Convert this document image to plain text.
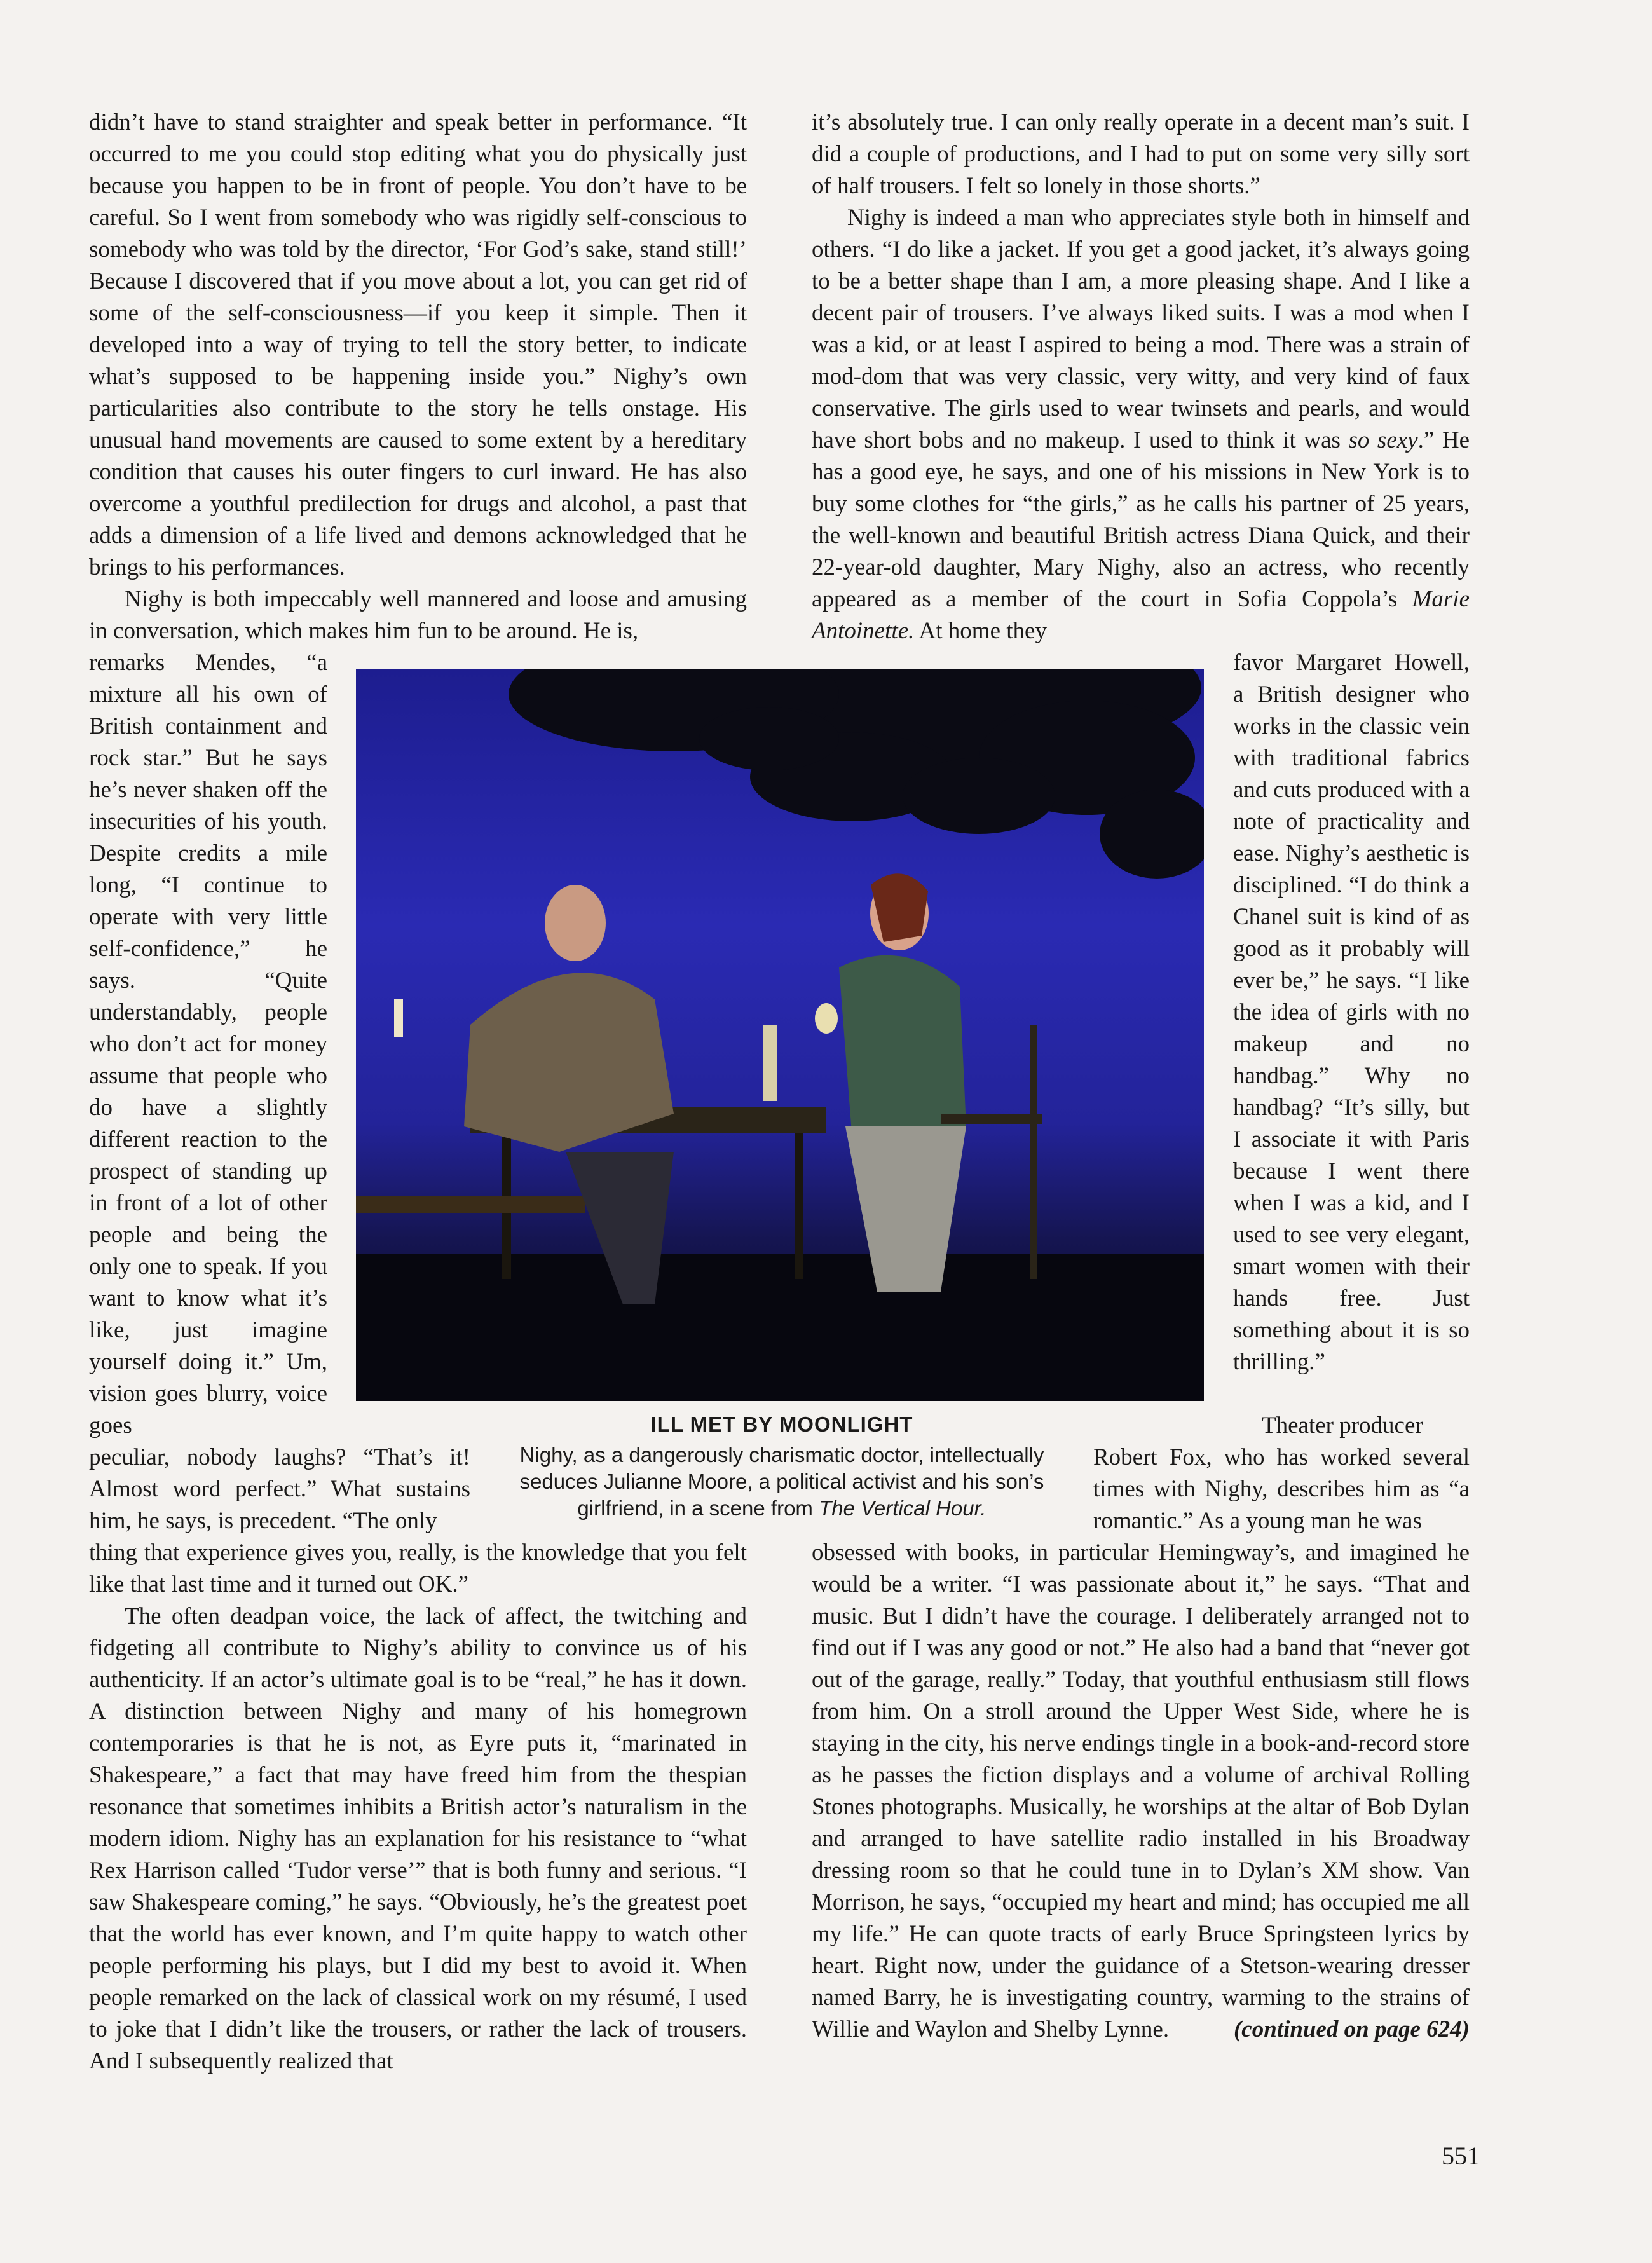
didn’t have to stand straighter and speak better in performance. “It occurred to me you could stop editing what you do physically just because you happen to be in front of people. You don’t have to be careful. So I went from somebody who was rigidly self-conscious to somebody who was told by the director, ‘For God’s sake, stand still!’ Because I discovered that if you move about a lot, you can get rid of some of the self-consciousness—if you keep it simple. Then it developed into a way of trying to tell the story better, to indicate what’s supposed to be happening inside you.” Nighy’s own particularities also contribute to the story he tells onstage. His unusual hand movements are caused to some extent by a hereditary condition that causes his outer fingers to curl inward. He has also overcome a youthful predilection for drugs and alcohol, a past that adds a dimension of a life lived and demons acknowledged that he brings to his performances.

Nighy is both impeccably well mannered and loose and amusing in conversation, which makes him fun to be around. He is,

remarks Mendes, “a mixture all his own of British containment and rock star.” But he says he’s never shaken off the insecurities of his youth. Despite credits a mile long, “I continue to operate with very little self-confidence,” he says. “Quite understandably, people who don’t act for money assume that people who do have a slightly different reaction to the prospect of standing up in front of a lot of other people and being the only one to speak. If you want to know what it’s like, just imagine yourself doing it.” Um, vision goes blurry, voice goes

peculiar, nobody laughs? “That’s it! Almost word perfect.” What sustains him, he says, is precedent. “The only

thing that experience gives you, really, is the knowledge that you felt like that last time and it turned out OK.”

The often deadpan voice, the lack of affect, the twitching and fidgeting all contribute to Nighy’s ability to convince us of his authenticity. If an actor’s ultimate goal is to be “real,” he has it down. A distinction between Nighy and many of his homegrown contemporaries is that he is not, as Eyre puts it, “marinated in Shakespeare,” a fact that may have freed him from the thespian resonance that sometimes inhibits a British actor’s naturalism in the modern idiom. Nighy has an explanation for his resistance to “what Rex Harrison called ‘Tudor verse’” that is both funny and serious. “I saw Shakespeare coming,” he says. “Obviously, he’s the greatest poet that the world has ever known, and I’m quite happy to watch other people performing his plays, but I did my best to avoid it. When people remarked on the lack of classical work on my résumé, I used to joke that I didn’t like the trousers, or rather the lack of trousers. And I subsequently realized that

it’s absolutely true. I can only really operate in a decent man’s suit. I did a couple of productions, and I had to put on some very silly sort of half trousers. I felt so lonely in those shorts.”

Nighy is indeed a man who appreciates style both in himself and others. “I do like a jacket. If you get a good jacket, it’s always going to be a better shape than I am, a more pleasing shape. And I like a decent pair of trousers. I’ve always liked suits. I was a mod when I was a kid, or at least I aspired to being a mod. There was a strain of mod-dom that was very classic, very witty, and very kind of faux conservative. The girls used to wear twinsets and pearls, and would have short bobs and no makeup. I used to think it was so sexy.” He has a good eye, he says, and one of his missions in New York is to buy some clothes for “the girls,” as he calls his partner of 25 years, the well-known and beautiful British actress Diana Quick, and their 22-year-old daughter, Mary Nighy, also an actress, who recently appeared as a member of the court in Sofia Coppola’s Marie Antoinette. At home they

favor Margaret Howell, a British designer who works in the classic vein with traditional fabrics and cuts produced with a note of practicality and ease. Nighy’s aesthetic is disciplined. “I do think a Chanel suit is kind of as good as it probably will ever be,” he says. “I like the idea of girls with no makeup and no handbag.” Why no handbag? “It’s silly, but I associate it with Paris because I went there when I was a kid, and I used to see very elegant, smart women with their hands free. Just something about it is so thrilling.”

Theater producer

Robert Fox, who has worked several times with Nighy, describes him as “a romantic.” As a young man he was

obsessed with books, in particular Hemingway’s, and imagined he would be a writer. “I was passionate about it,” he says. “That and music. But I didn’t have the courage. I deliberately arranged not to find out if I was any good or not.” He also had a band that “never got out of the garage, really.” Today, that youthful enthusiasm still flows from him. On a stroll around the Upper West Side, where he is staying in the city, his nerve endings tingle in a book-and-record store as he passes the fiction displays and a volume of archival Rolling Stones photographs. Musically, he worships at the altar of Bob Dylan and arranged to have satellite radio installed in his Broadway dressing room so that he could tune in to Dylan’s XM show. Van Morrison, he says, “occupied my heart and mind; has occupied me all my life.” He can quote tracts of early Bruce Springsteen lyrics by heart. Right now, under the guidance of a Stetson-wearing dresser named Barry, he is investigating country, warming to the strains of Willie and Waylon and Shelby Lynne.	(continued on page 624)

ILL MET BY MOONLIGHT
Nighy, as a dangerously charismatic doctor, intellectually seduces Julianne Moore, a political activist and his son’s girlfriend, in a scene from The Vertical Hour.
551
